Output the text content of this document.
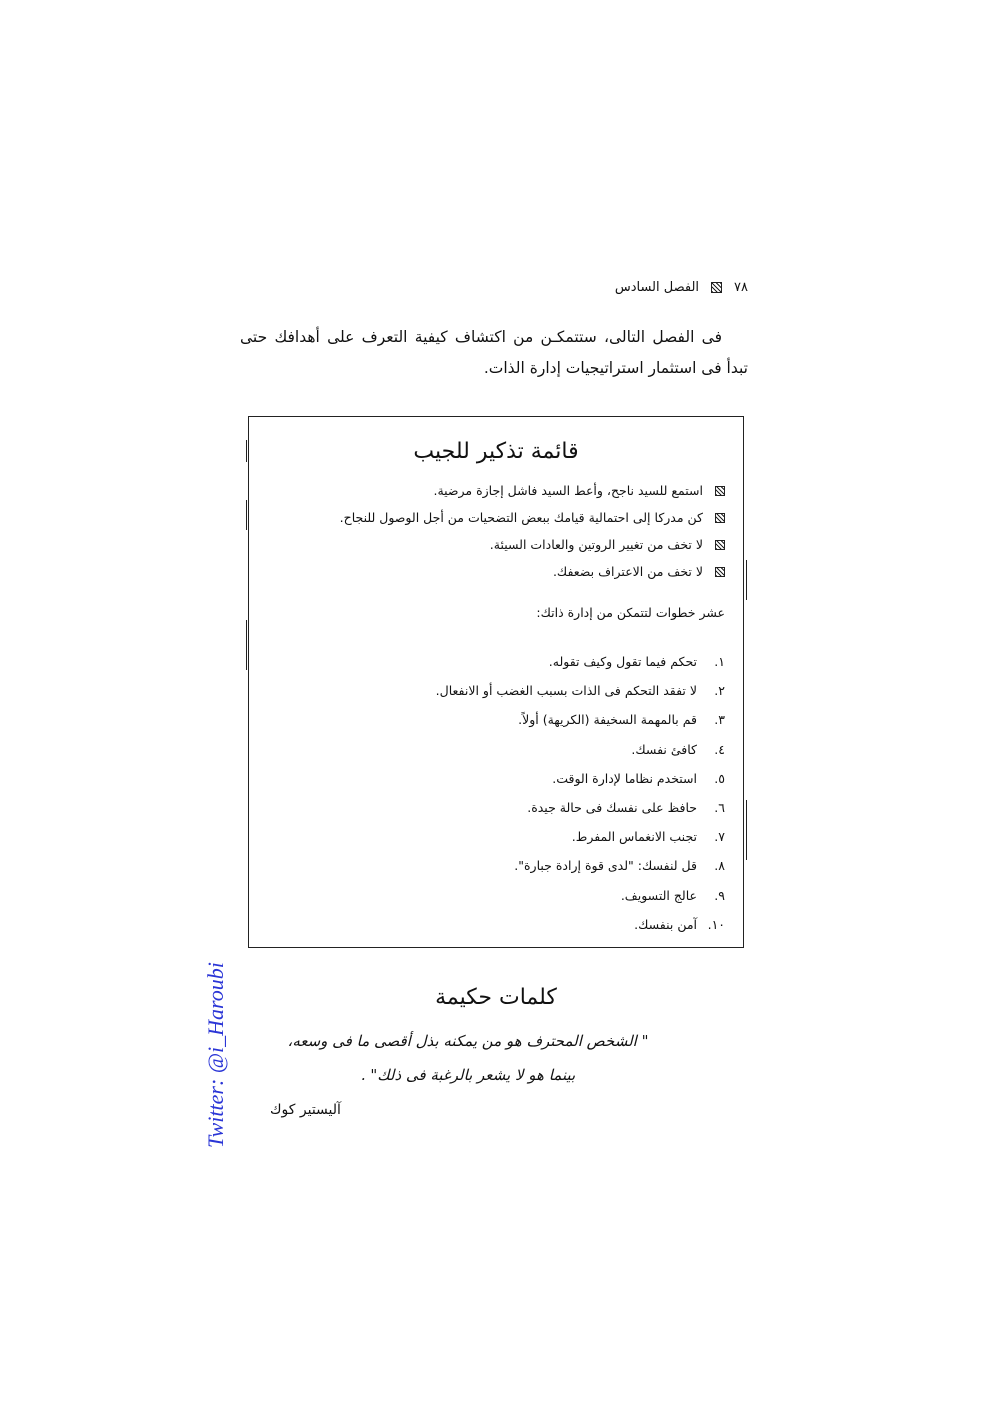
٧٨
الفصل السادس

فى الفصل التالى، ستتمكـن من اكتشاف كيفية التعرف على أهدافك حتى تبدأ فى استثمار استراتيجيات إدارة الذات.

قائمة تذكير للجيب
استمع للسيد ناجح، وأعط السيد فاشل إجازة مرضية.
كن مدركا إلى احتمالية قيامك ببعض التضحيات من أجل الوصول للنجاح.
لا تخف من تغيير الروتين والعادات السيئة.
لا تخف من الاعتراف بضعفك.

عشر خطوات لتتمكن من إدارة ذاتك:

١.
تحكم فيما تقول وكيف تقوله.
٢.
لا تفقد التحكم فى الذات بسبب الغضب أو الانفعال.
٣.
قم بالمهمة السخيفة (الكريهة) أولاً.
٤.
كافئ نفسك.
٥.
استخدم نظاما لإدارة الوقت.
٦.
حافظ على نفسك فى حالة جيدة.
٧.
تجنب الانغماس المفرط.
٨.
قل لنفسك: "لدى قوة إرادة جبارة".
٩.
عالج التسويف.
١٠.
آمن بنفسك.
كلمات حكيمة

" الشخص المحترف هو من يمكنه بذل أقصى ما فى وسعه،
بينما هو لا يشعر بالرغبة فى ذلك" .

آليستير كوك
Twitter: @i_Haroubi
